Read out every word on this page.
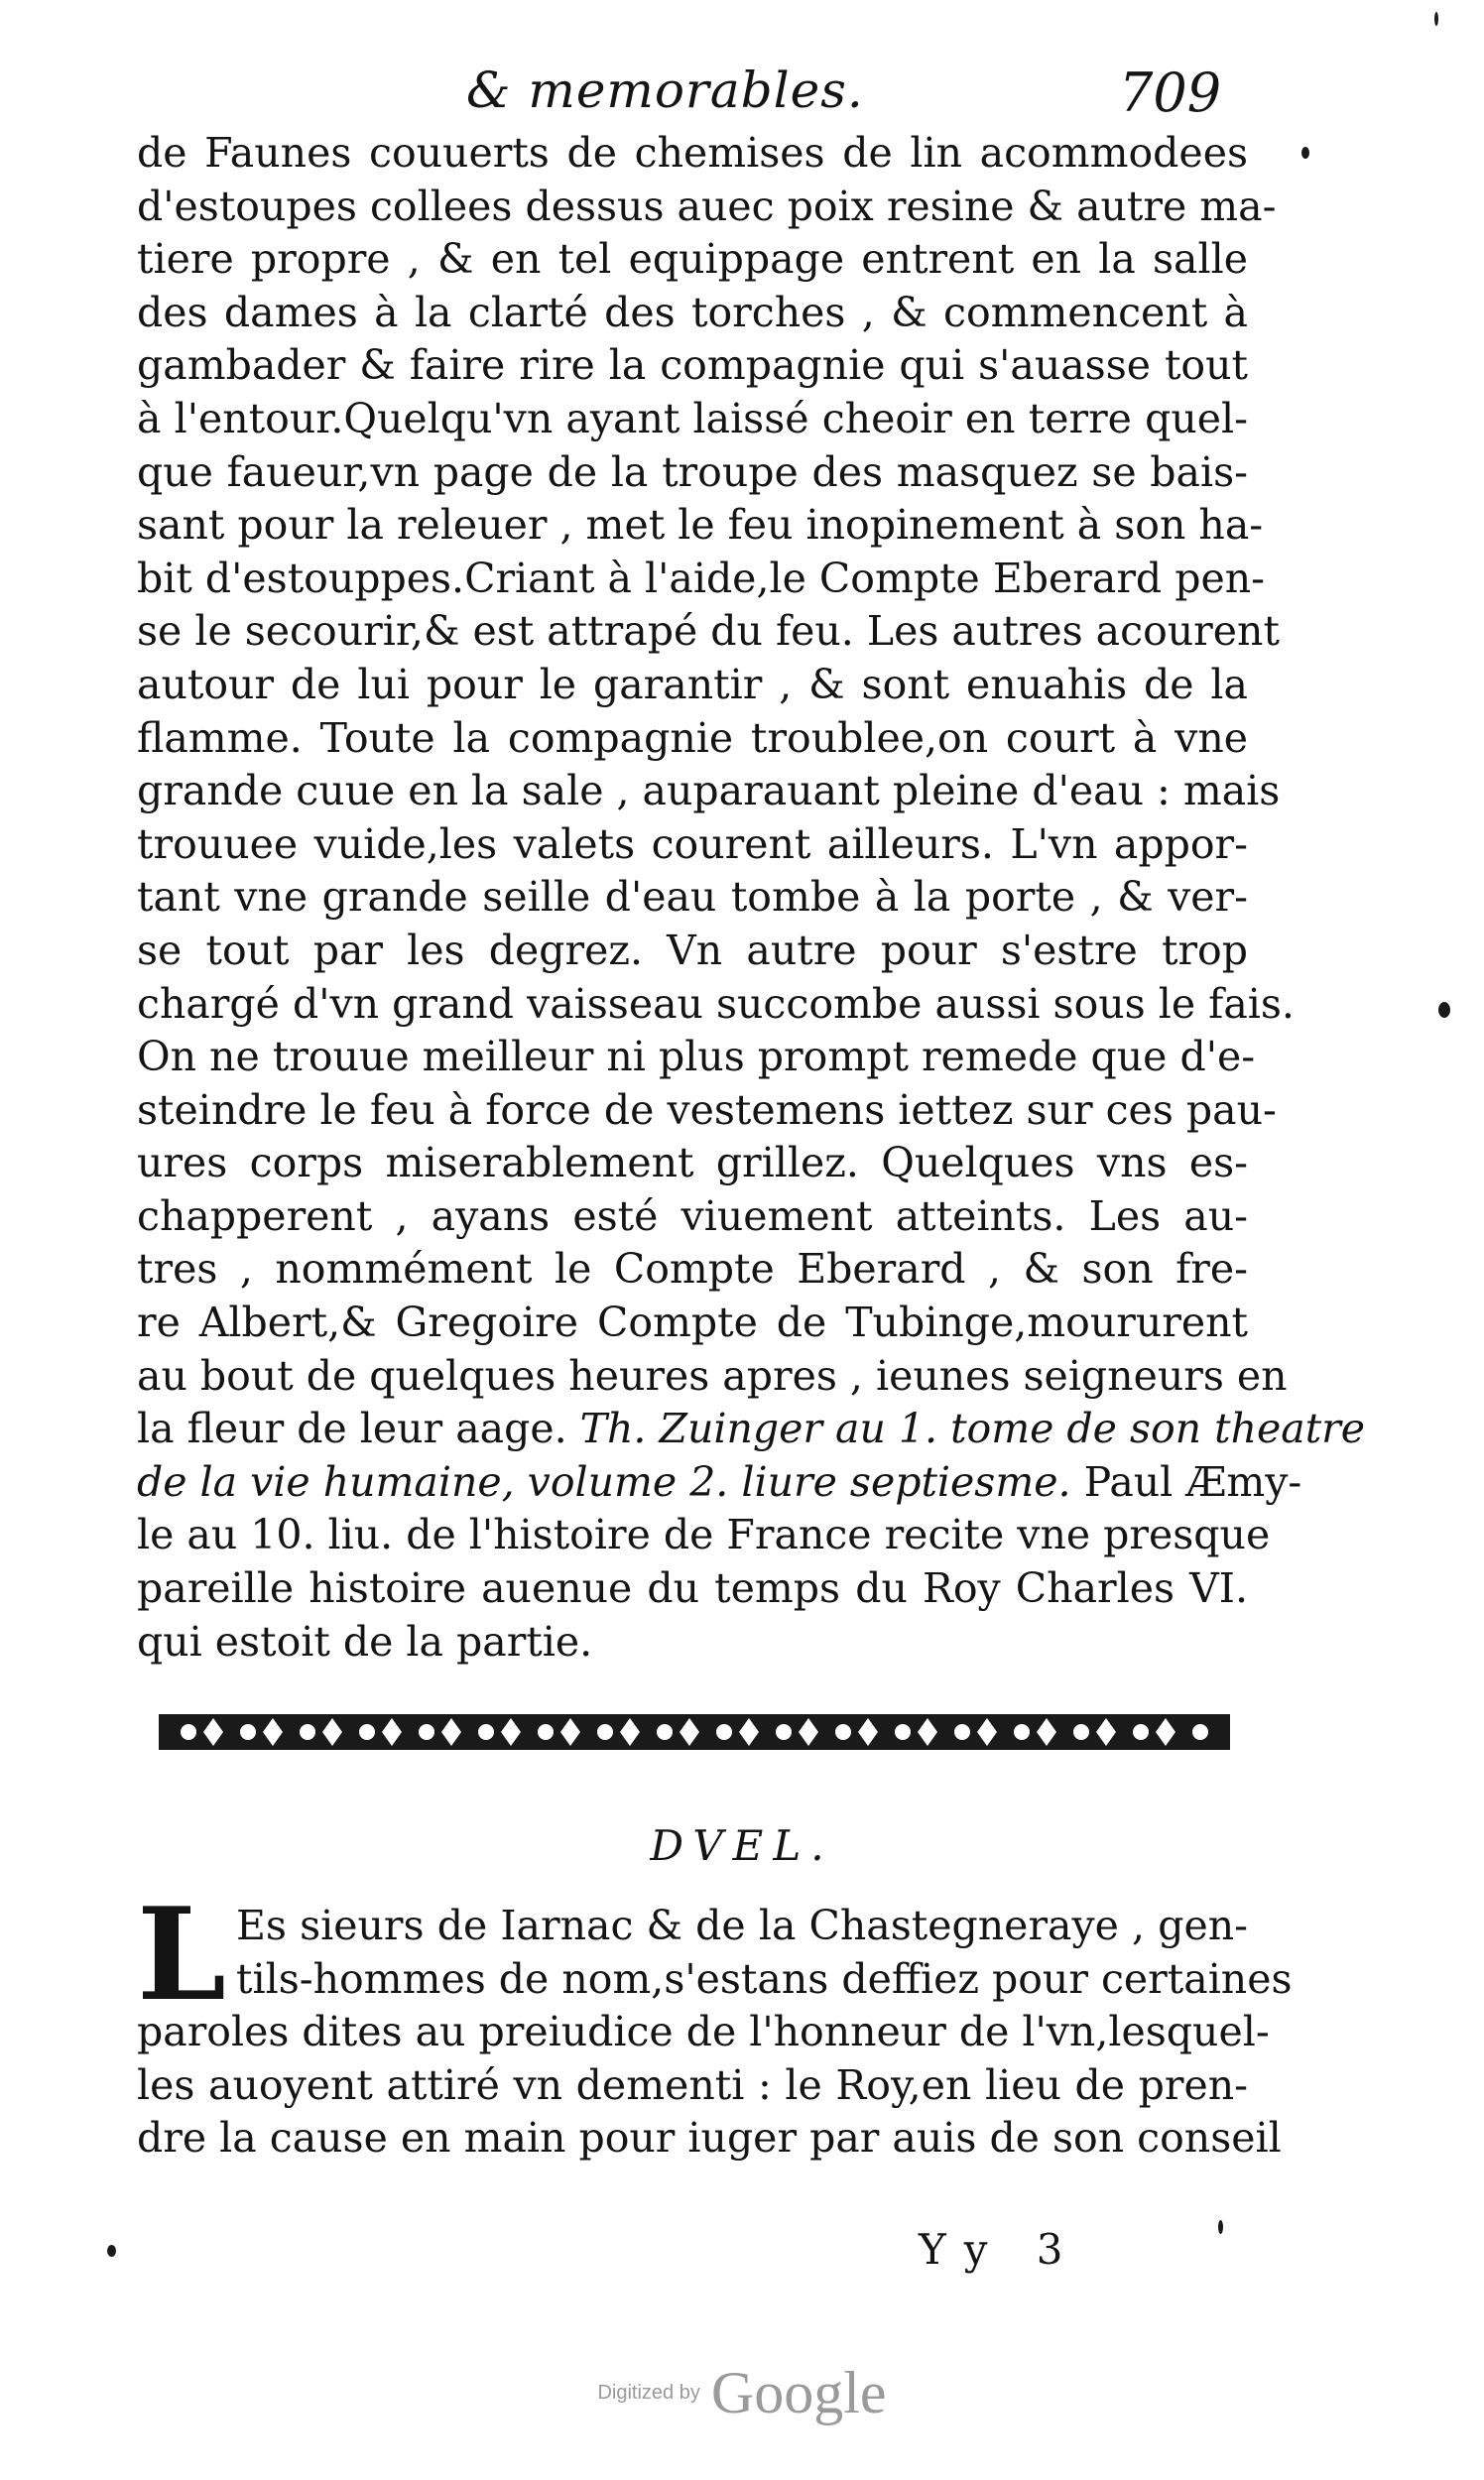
& memorables.	709
de Faunes couuerts de chemises de lin acommodees
d'estoupes collees dessus auec poix resine & autre ma-
tiere propre , & en tel equippage entrent en la salle
des dames à la clarté des torches , & commencent à
gambader & faire rire la compagnie qui s'auasse tout
à l'entour.Quelqu'vn ayant laissé cheoir en terre quel-
que faueur,vn page de la troupe des masquez se bais-
sant pour la releuer , met le feu inopinement à son ha-
bit d'estouppes.Criant à l'aide,le Compte Eberard pen-
se le secourir,& est attrapé du feu. Les autres acourent
autour de lui pour le garantir , & sont enuahis de la
flamme. Toute la compagnie troublee,on court à vne
grande cuue en la sale , auparauant pleine d'eau : mais
trouuee vuide,les valets courent ailleurs. L'vn appor-
tant vne grande seille d'eau tombe à la porte , & ver-
se tout par les degrez. Vn autre pour s'estre trop
chargé d'vn grand vaisseau succombe aussi sous le fais.
On ne trouue meilleur ni plus prompt remede que d'e-
steindre le feu à force de vestemens iettez sur ces pau-
ures corps miserablement grillez. Quelques vns es-
chapperent , ayans esté viuement atteints. Les au-
tres , nommément le Compte Eberard , & son fre-
re Albert,& Gregoire Compte de Tubinge,moururent
au bout de quelques heures apres , ieunes seigneurs en
la fleur de leur aage. Th. Zuinger au 1. tome de son theatre
de la vie humaine, volume 2. liure septiesme. Paul Æmy-
le au 10. liu. de l'histoire de France recite vne presque
pareille histoire auenue du temps du Roy Charles VI.
qui estoit de la partie.
DVEL.
L Es sieurs de Iarnac & de la Chastegneraye , gen-
tils-hommes de nom,s'estans deffiez pour certaines
paroles dites au preiudice de l'honneur de l'vn,lesquel-
les auoyent attiré vn dementi : le Roy,en lieu de pren-
dre la cause en main pour iuger par auis de son conseil
Yy 3
Digitized by Google
